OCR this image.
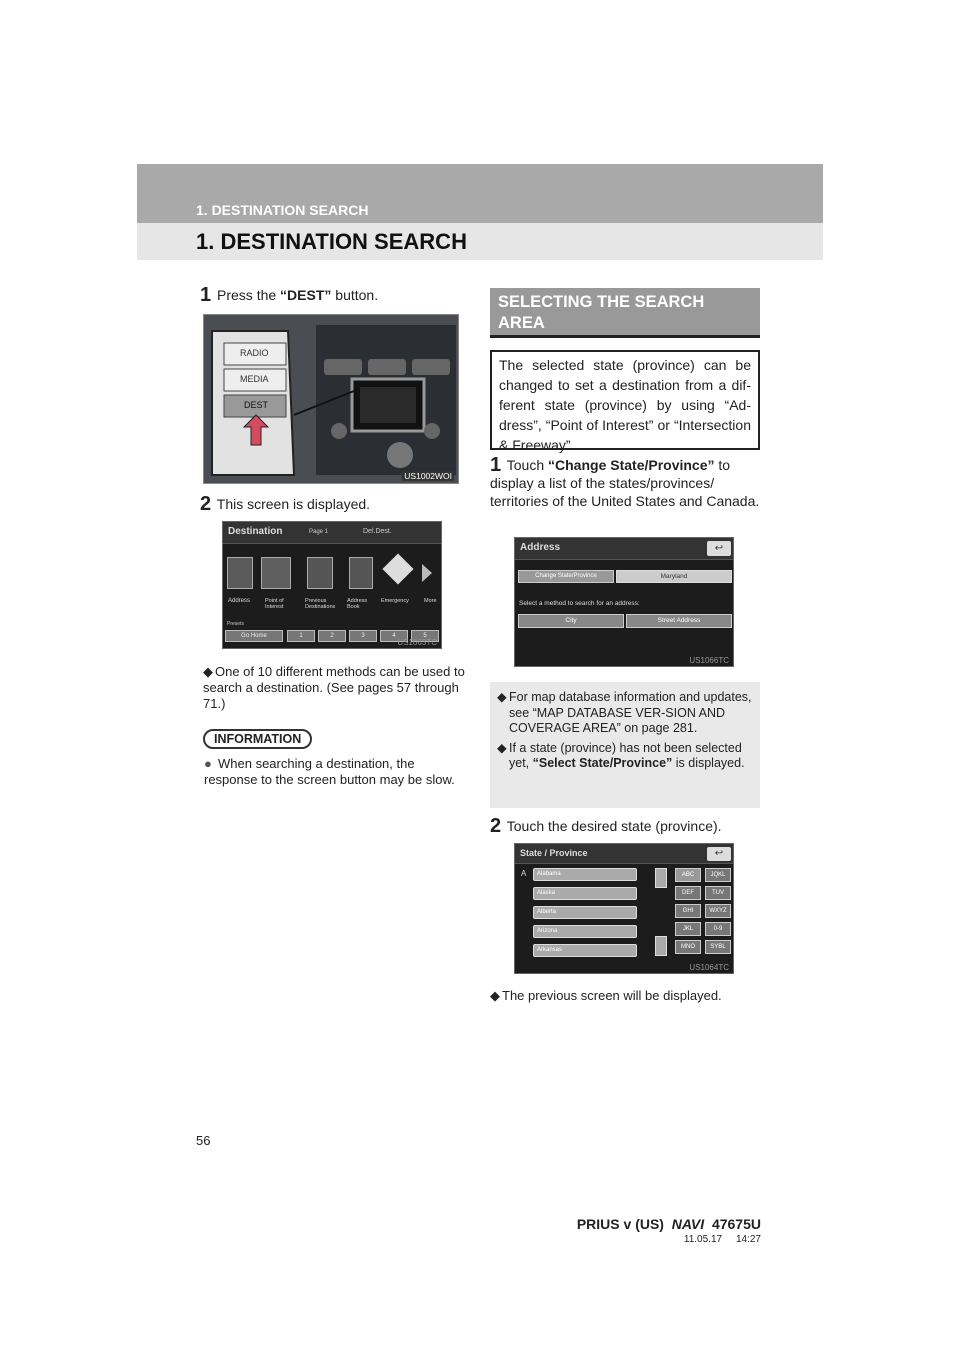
1. DESTINATION SEARCH
1. DESTINATION SEARCH
1 Press the “DEST” button.
RADIO
MEDIA
DEST
US1002WOI
2 This screen is displayed.
Destination	Page 1	Del.Dest.
Address	Point of Interest
Previous Destinations
Address Book
Emergency	More
Presets
Go Home	1	2	3	4	5
US1063TC
◆ One of 10 different methods can be used to search a destination. (See pages 57 through 71.)
INFORMATION
● When searching a destination, the response to the screen button may be slow.
SELECTING THE SEARCH AREA
The selected state (province) can be changed to set a destination from a dif-ferent state (province) by using “Ad-dress”, “Point of Interest” or “Intersection & Freeway”.
1 Touch “Change State/Province” to display a list of the states/provinces/ territories of the United States and Canada.
Address	↩
Change State/Province	Maryland
Select a method to search for an address:
City	Street Address
US1066TC
◆ For map database information and updates, see “MAP DATABASE VER-SION AND COVERAGE AREA” on page 281.
◆ If a state (province) has not been selected yet, “Select State/Province” is displayed.
2 Touch the desired state (province).
State / Province	↩
A	Alabama
Alaska
Alberta
Arizona
Arkansas
ABC	JQKL
DEF	TUV
GHI	WXYZ
JKL	0-9
MNO	SYBL
US1064TC
◆ The previous screen will be displayed.
56
PRIUS v (US)  NAVI  47675U
11.05.17     14:27
